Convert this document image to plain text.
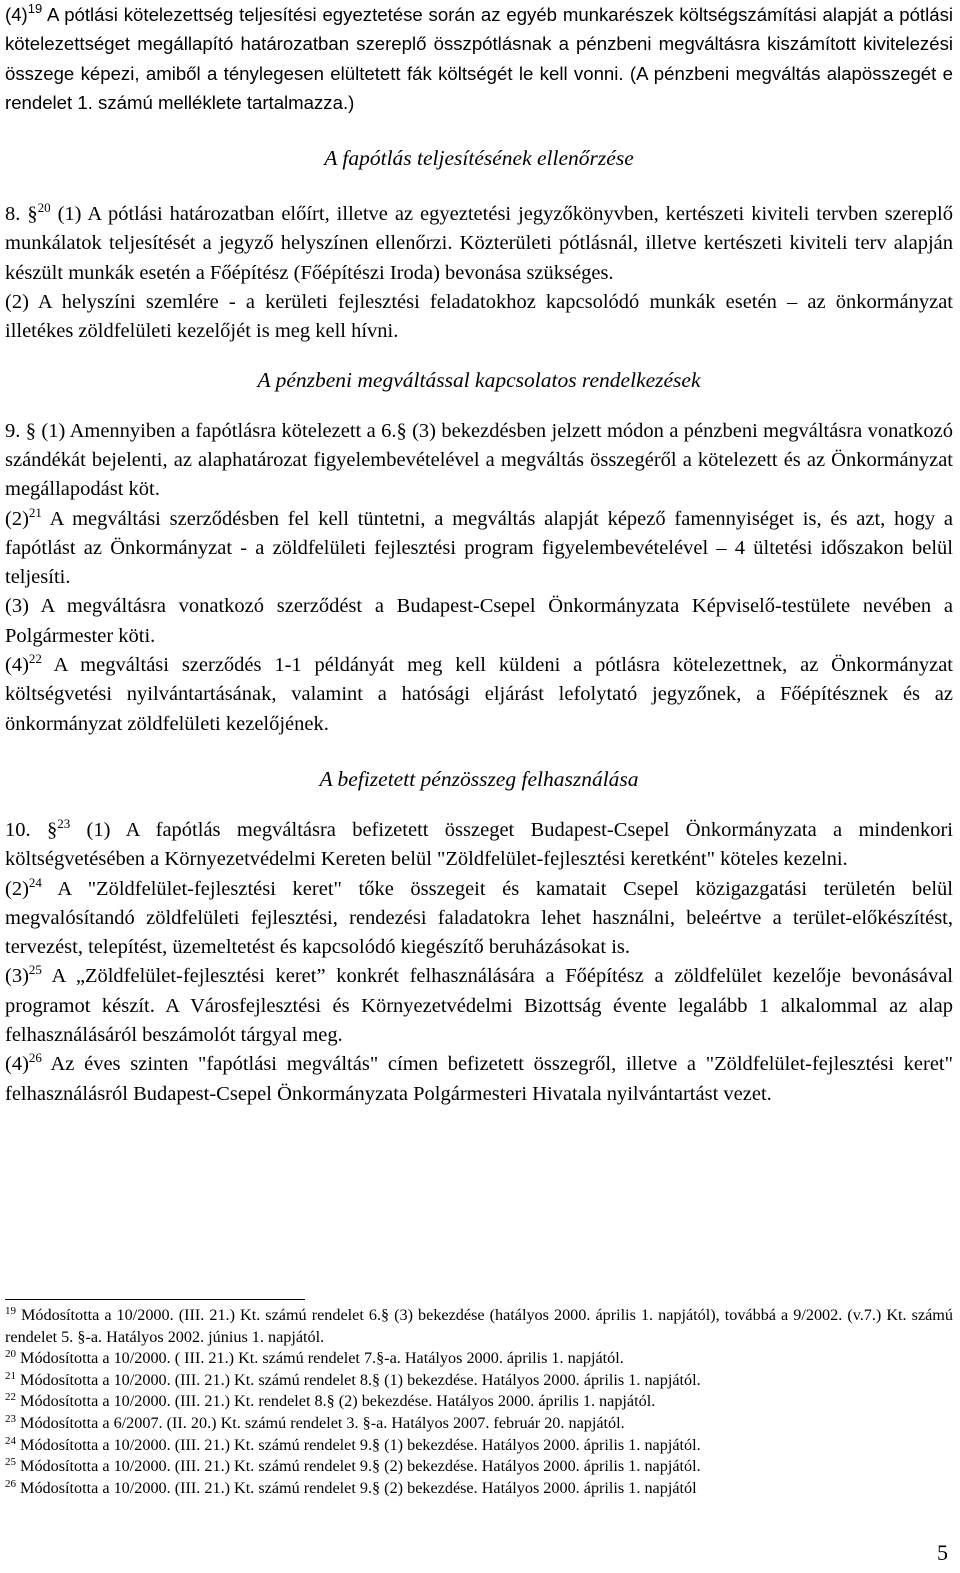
$(4)^{19}$ A pótlási kötelezettség teljesítési egyeztetése során az egyéb munkarészek költségszámítási alapját a pótlási kötelezettséget megállapító határozatban szereplő összpótlásnak a pénzbeni megváltásra kiszámított kivitelezési összege képezi, amiből a ténylegesen elültetett fák költségét le kell vonni. (A pénzbeni megváltás alapösszegét e rendelet 1. számú melléklete tartalmazza.)

A fapótlás teljesítésének ellenőrzése

8. §$^{20}$ (1) A pótlási határozatban előírt, illetve az egyeztetési jegyzőkönyvben, kertészeti kiviteli tervben szereplő munkálatok teljesítését a jegyző helyszínen ellenőrzi. Közterületi pótlásnál, illetve kertészeti kiviteli terv alapján készült munkák esetén a Főépítész (Főépítészi Iroda) bevonása szükséges.

(2) A helyszíni szemlére - a kerületi fejlesztési feladatokhoz kapcsolódó munkák esetén – az önkormányzat illetékes zöldfelületi kezelőjét is meg kell hívni.

A pénzbeni megváltással kapcsolatos rendelkezések

9. § (1) Amennyiben a fapótlásra kötelezett a 6.§ (3) bekezdésben jelzett módon a pénzbeni megváltásra vonatkozó szándékát bejelenti, az alaphatározat figyelembevételével a megváltás összegéről a kötelezett és az Önkormányzat megállapodást köt.

$(2)^{21}$ A megváltási szerződésben fel kell tüntetni, a megváltás alapját képező famennyiséget is, és azt, hogy a fapótlást az Önkormányzat - a zöldfelületi fejlesztési program figyelembevételével – 4 ültetési időszakon belül teljesíti.

(3) A megváltásra vonatkozó szerződést a Budapest-Csepel Önkormányzata Képviselő-testülete nevében a Polgármester köti.

$(4)^{22}$ A megváltási szerződés 1-1 példányát meg kell küldeni a pótlásra kötelezettnek, az Önkormányzat költségvetési nyilvántartásának, valamint a hatósági eljárást lefolytató jegyzőnek, a Főépítésznek és az önkormányzat zöldfelületi kezelőjének.

A befizetett pénzösszeg felhasználása

10. §$^{23}$ (1) A fapótlás megváltásra befizetett összeget Budapest-Csepel Önkormányzata a mindenkori költségvetésében a Környezetvédelmi Kereten belül "Zöldfelület-fejlesztési keretként" köteles kezelni.

$(2)^{24}$ A "Zöldfelület-fejlesztési keret" tőke összegeit és kamatait Csepel közigazgatási területén belül megvalósítandó zöldfelületi fejlesztési, rendezési faladatokra lehet használni, beleértve a terület-előkészítést, tervezést, telepítést, üzemeltetést és kapcsolódó kiegészítő beruházásokat is.

$(3)^{25}$ A „Zöldfelület-fejlesztési keret” konkrét felhasználására a Főépítész a zöldfelület kezelője bevonásával programot készít. A Városfejlesztési és Környezetvédelmi Bizottság évente legalább 1 alkalommal az alap felhasználásáról beszámolót tárgyal meg.

$(4)^{26}$ Az éves szinten "fapótlási megváltás" címen befizetett összegről, illetve a "Zöldfelület-fejlesztési keret" felhasználásról Budapest-Csepel Önkormányzata Polgármesteri Hivatala nyilvántartást vezet.

$^{19}$ Módosította a 10/2000. (III. 21.) Kt. számú rendelet 6.§ (3) bekezdése (hatályos 2000. április 1. napjától), továbbá a 9/2002. (v.7.) Kt. számú rendelet 5. §-a. Hatályos 2002. június 1. napjától.

$^{20}$ Módosította a 10/2000. ( III. 21.) Kt. számú rendelet 7.§-a. Hatályos 2000. április 1. napjától.

$^{21}$ Módosította a 10/2000. (III. 21.) Kt. számú rendelet 8.§ (1) bekezdése. Hatályos 2000. április 1. napjától.

$^{22}$ Módosította a 10/2000. (III. 21.) Kt. rendelet 8.§ (2) bekezdése. Hatályos 2000. április 1. napjától.

$^{23}$ Módosította a 6/2007. (II. 20.) Kt. számú rendelet 3. §-a. Hatályos 2007. február 20. napjától.

$^{24}$ Módosította a 10/2000. (III. 21.) Kt. számú rendelet 9.§ (1) bekezdése. Hatályos 2000. április 1. napjától.

$^{25}$ Módosította a 10/2000. (III. 21.) Kt. számú rendelet 9.§ (2) bekezdése. Hatályos 2000. április 1. napjától.

$^{26}$ Módosította a 10/2000. (III. 21.) Kt. számú rendelet 9.§ (2) bekezdése. Hatályos 2000. április 1. napjától

5
